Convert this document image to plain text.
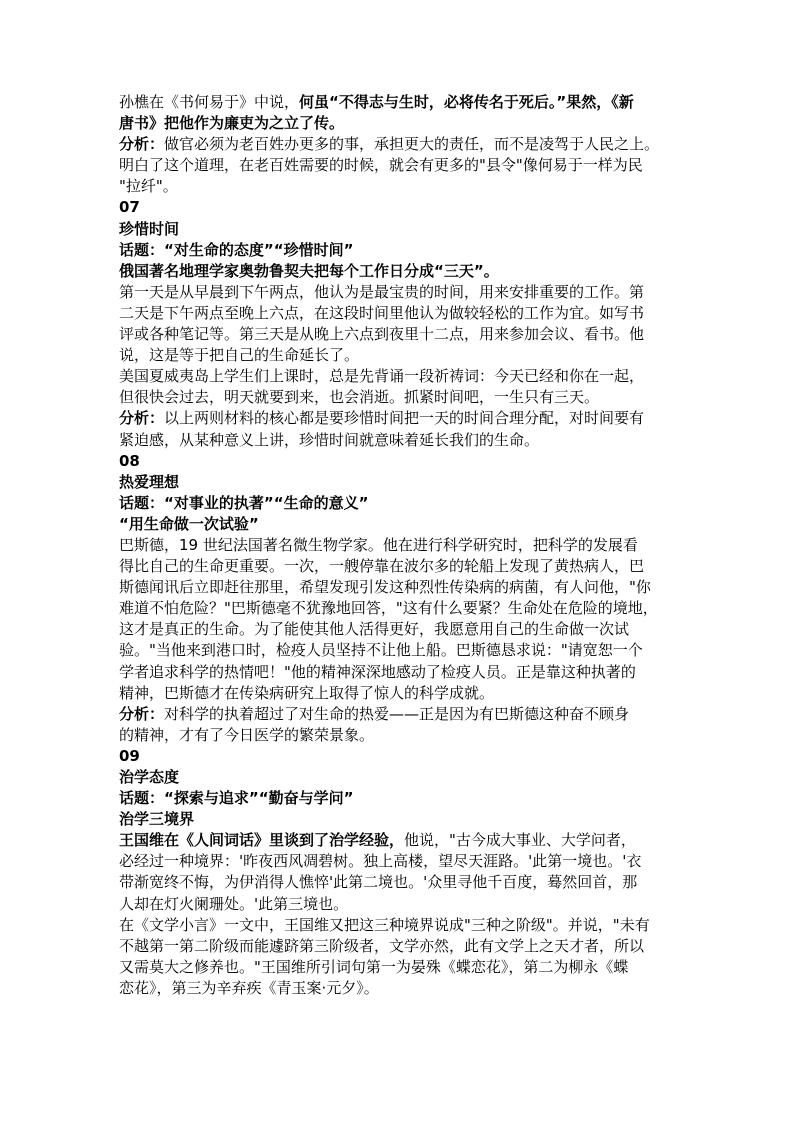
孙樵在《书何易于》中说，何虽“不得志与生时，必将传名于死后。”果然，《新
唐书》把他作为廉吏为之立了传。
分析：做官必须为老百姓办更多的事，承担更大的责任，而不是凌驾于人民之上。
明白了这个道理，在老百姓需要的时候，就会有更多的"县令"像何易于一样为民
"拉纤"。
07
珍惜时间
话题：“对生命的态度”“珍惜时间”
俄国著名地理学家奥勃鲁契夫把每个工作日分成“三天”。
第一天是从早晨到下午两点，他认为是最宝贵的时间，用来安排重要的工作。第
二天是下午两点至晚上六点，在这段时间里他认为做较轻松的工作为宜。如写书
评或各种笔记等。第三天是从晚上六点到夜里十二点，用来参加会议、看书。他
说，这是等于把自己的生命延长了。
美国夏威夷岛上学生们上课时，总是先背诵一段祈祷词：今天已经和你在一起，
但很快会过去，明天就要到来，也会消逝。抓紧时间吧，一生只有三天。
分析：以上两则材料的核心都是要珍惜时间把一天的时间合理分配，对时间要有
紧迫感，从某种意义上讲，珍惜时间就意味着延长我们的生命。
08
热爱理想
话题：“对事业的执著”“生命的意义”
“用生命做一次试验”
巴斯德，19 世纪法国著名微生物学家。他在进行科学研究时，把科学的发展看
得比自己的生命更重要。一次，一艘停靠在波尔多的轮船上发现了黄热病人，巴
斯德闻讯后立即赶往那里，希望发现引发这种烈性传染病的病菌，有人问他，"你
难道不怕危险？"巴斯德毫不犹豫地回答，"这有什么要紧？生命处在危险的境地，
这才是真正的生命。为了能使其他人活得更好，我愿意用自己的生命做一次试
验。"当他来到港口时，检疫人员坚持不让他上船。巴斯德恳求说："请宽恕一个
学者追求科学的热情吧！"他的精神深深地感动了检疫人员。正是靠这种执著的
精神，巴斯德才在传染病研究上取得了惊人的科学成就。
分析：对科学的执着超过了对生命的热爱——正是因为有巴斯德这种奋不顾身
的精神，才有了今日医学的繁荣景象。
09
治学态度
话题：“探索与追求”“勤奋与学问”
治学三境界
王国维在《人间词话》里谈到了治学经验，他说，"古今成大事业、大学问者，
必经过一种境界：'昨夜西风凋碧树。独上高楼，望尽天涯路。'此第一境也。'衣
带渐宽终不悔，为伊消得人憔悴'此第二境也。'众里寻他千百度，蓦然回首，那
人却在灯火阑珊处。'此第三境也。
在《文学小言》一文中，王国维又把这三种境界说成"三种之阶级"。并说，"未有
不越第一第二阶级而能遽跻第三阶级者，文学亦然，此有文学上之天才者，所以
又需莫大之修养也。"王国维所引词句第一为晏殊《蝶恋花》，第二为柳永《蝶
恋花》，第三为辛弃疾《青玉案·元夕》。
